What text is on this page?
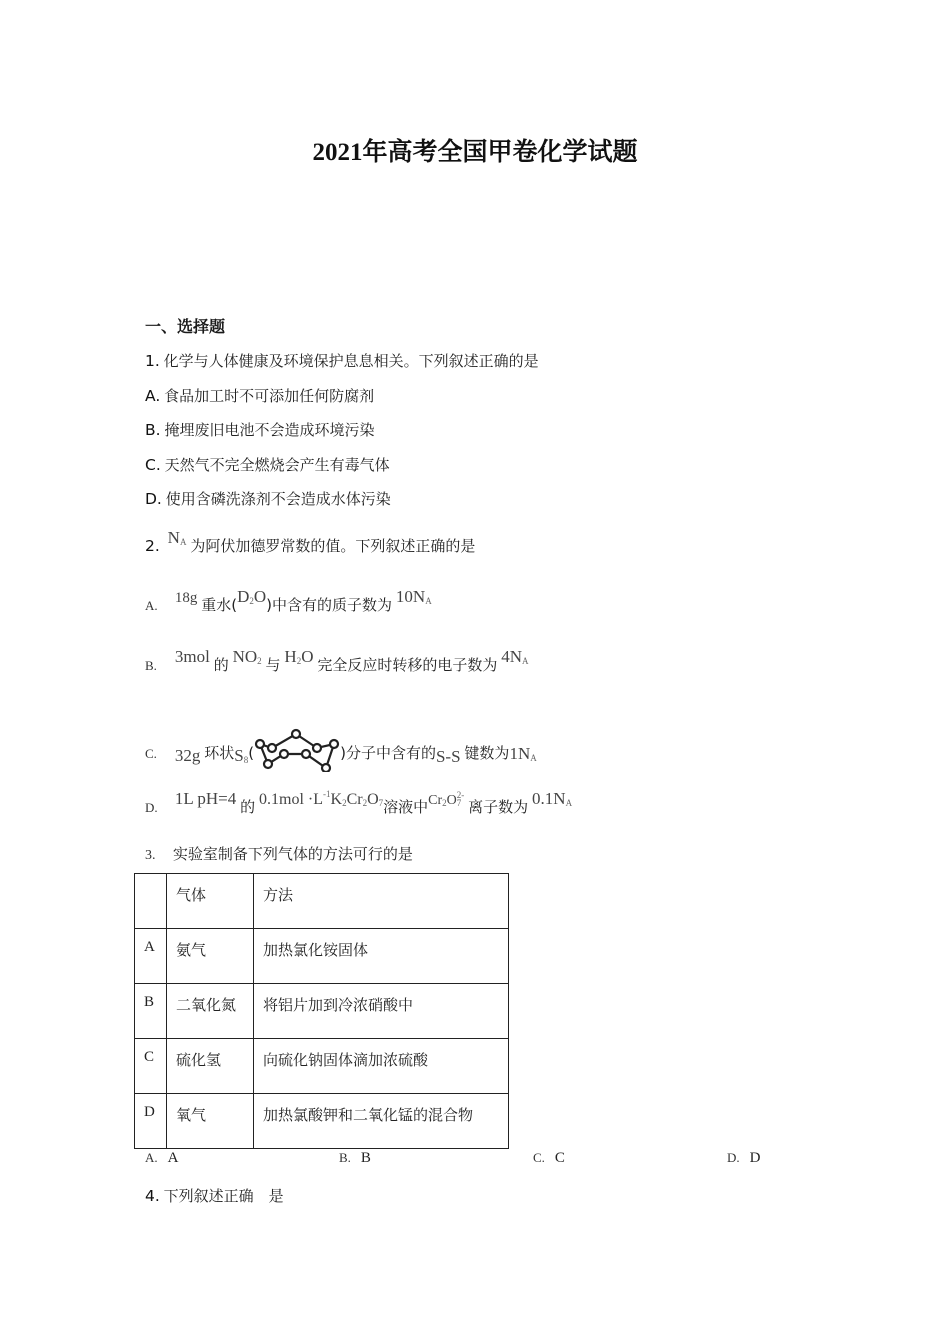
2021年高考全国甲卷化学试题
一、选择题
1. 化学与人体健康及环境保护息息相关。下列叙述正确的是
A. 食品加工时不可添加任何防腐剂
B. 掩埋废旧电池不会造成环境污染
C. 天然气不完全燃烧会产生有毒气体
D. 使用含磷洗涤剂不会造成水体污染
2. NA 为阿伏加德罗常数的值。下列叙述正确的是
A. 18g 重水(D2O)中含有的质子数为 10NA
B. 3mol 的 NO2 与 H2O 完全反应时转移的电子数为 4NA
C. 32g 环状S8(	)分子中含有的S-S 键数为1NA
D. 1L pH=4 的 $0.1mol \cdot L^{-1}K2Cr2O7$溶液中Cr2O 2-
7 离子数为 0.1NA
3. 实验室制备下列气体的方法可行的是
	气体	方法
A	氨气	加热氯化铵固体
B	二氧化氮	将铝片加到冷浓硝酸中
C	硫化氢	向硫化钠固体滴加浓硫酸
D	氧气	加热氯酸钾和二氧化锰的混合物
A. A	B. B	C. C	D. D
4. 下列叙述正确　是
